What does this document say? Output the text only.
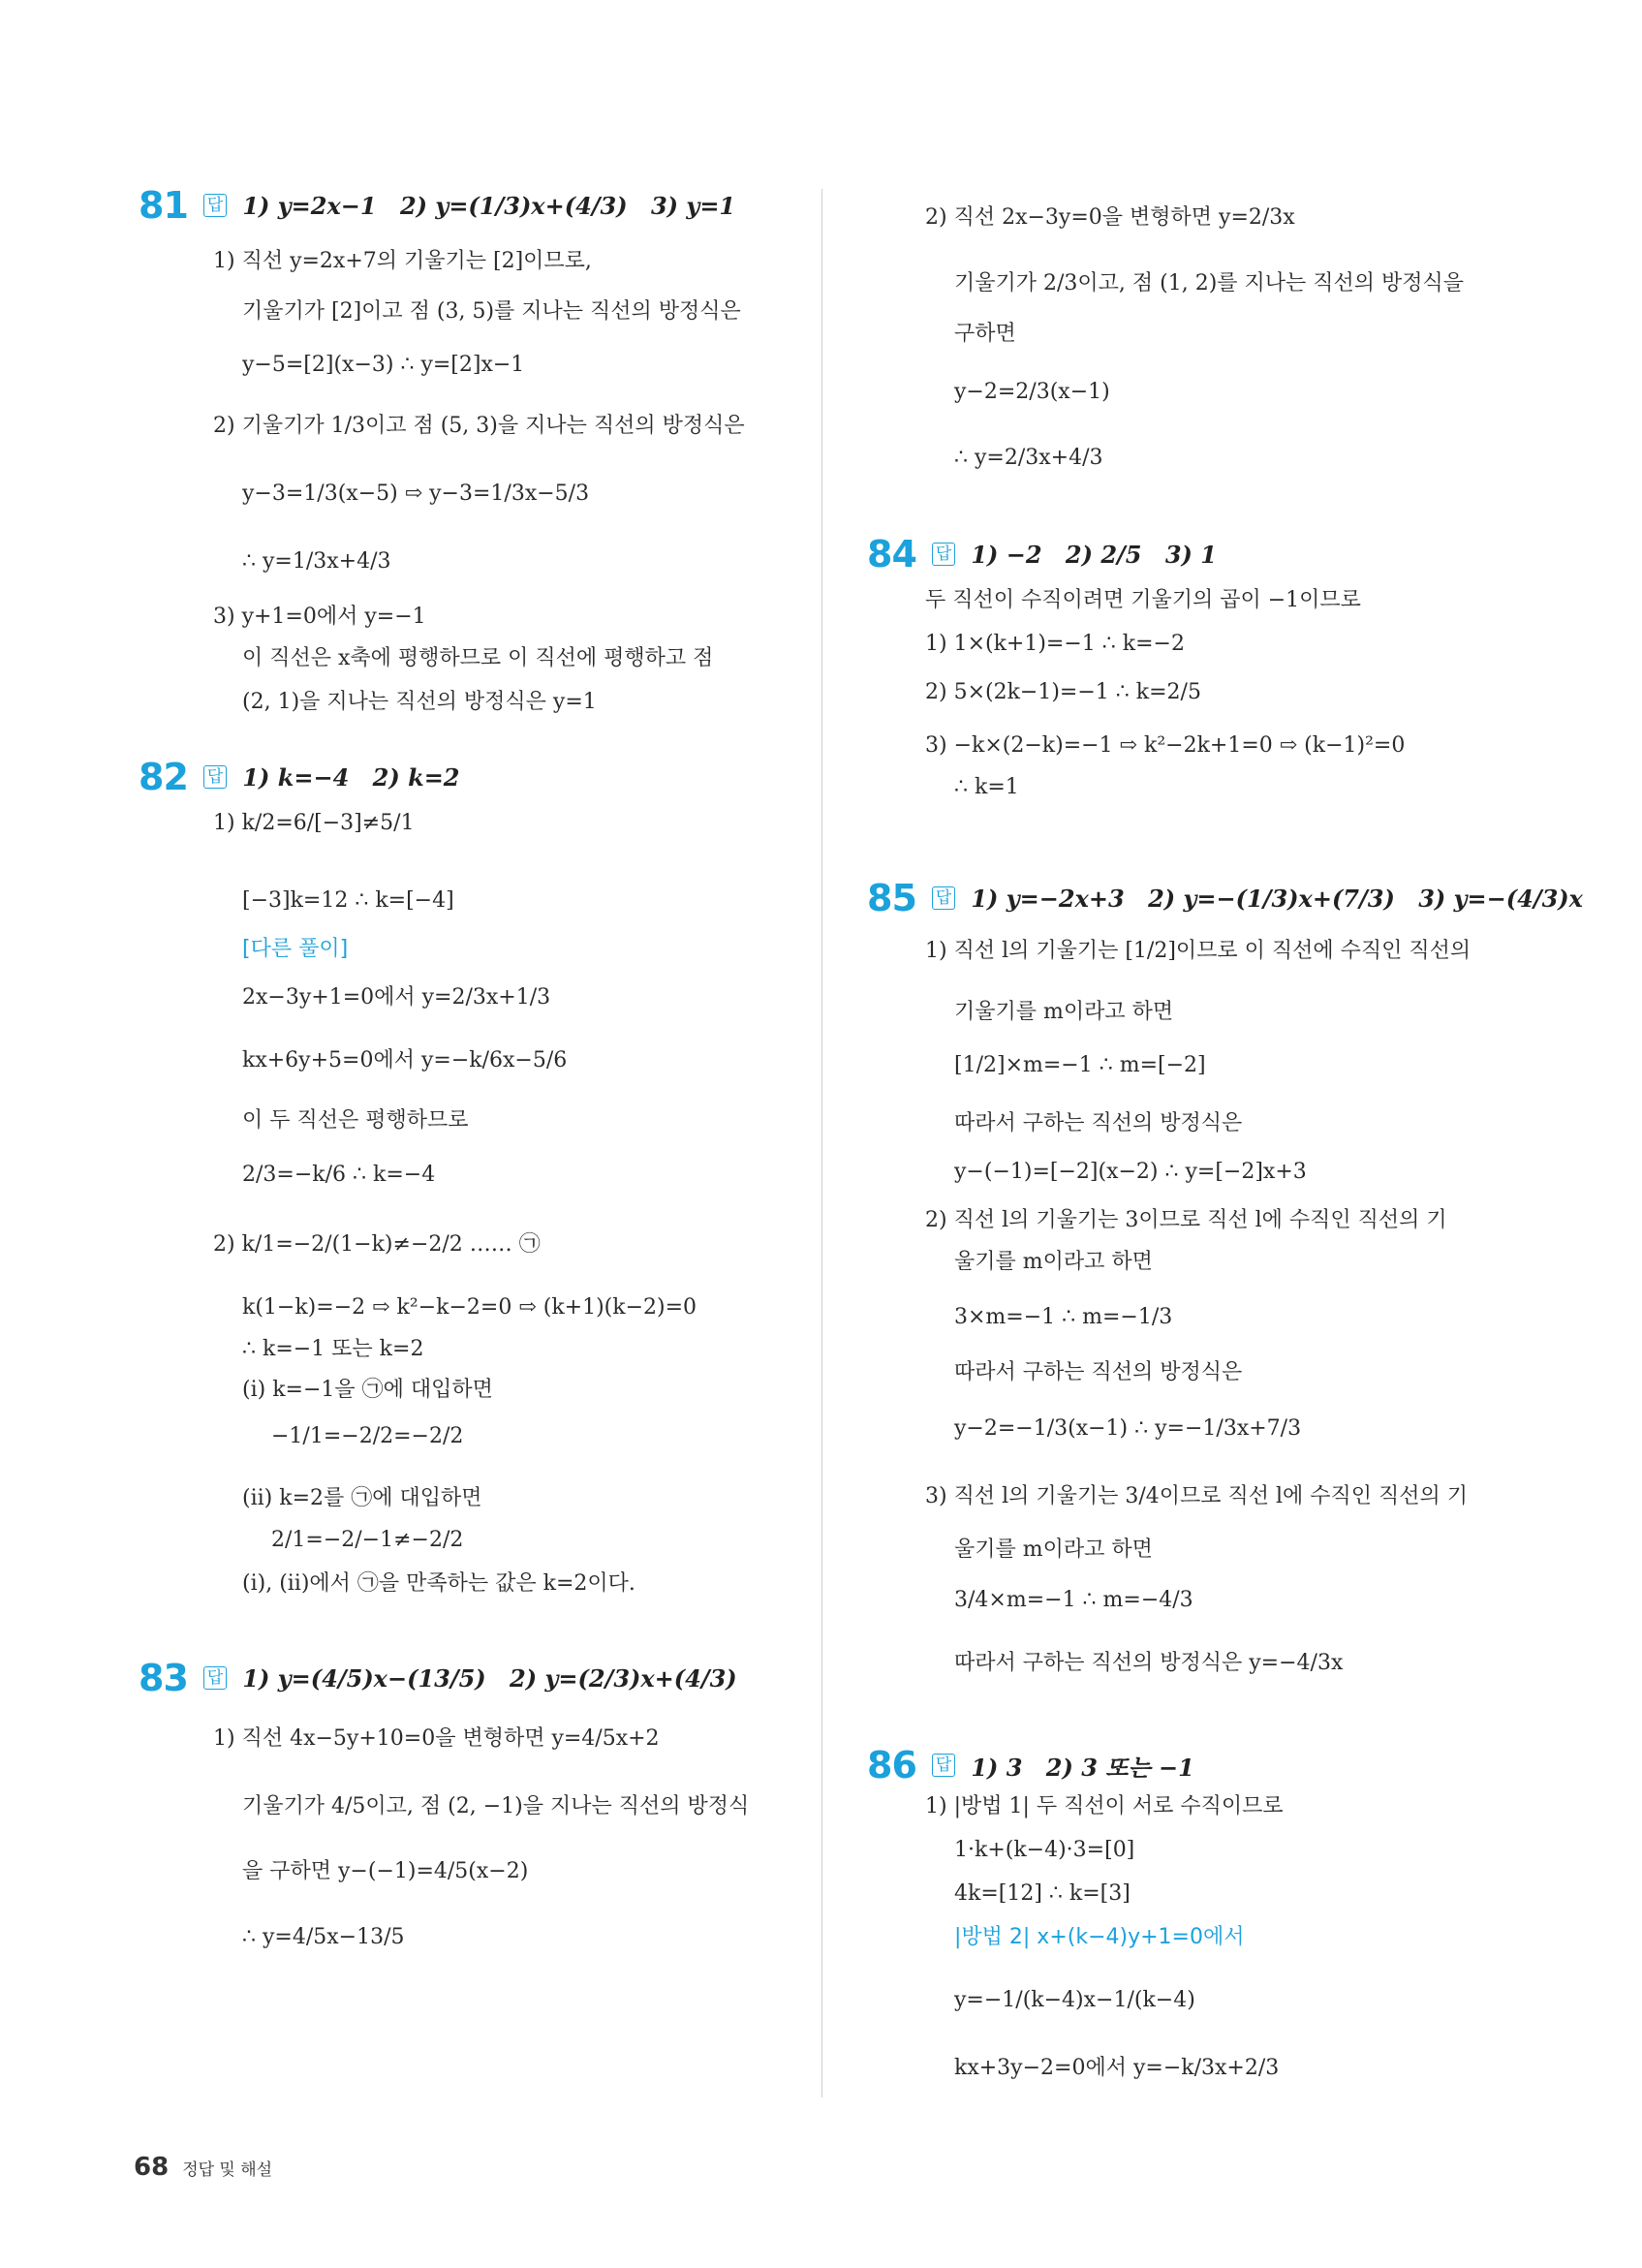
81 답 1) y=2x−1 2) y=(1/3)x+(4/3) 3) y=1
1) 직선 y=2x+7의 기울기는 [2]이므로,
기울기가 [2]이고 점 (3, 5)를 지나는 직선의 방정식은
y−5=[2](x−3) ∴ y=[2]x−1
2) 기울기가 1/3이고 점 (5, 3)을 지나는 직선의 방정식은
y−3=1/3(x−5) ⇨ y−3=1/3x−5/3
∴ y=1/3x+4/3
3) y+1=0에서 y=−1
이 직선은 x축에 평행하므로 이 직선에 평행하고 점
(2, 1)을 지나는 직선의 방정식은 y=1
82 답 1) k=−4 2) k=2
1) k/2=6/[−3]≠5/1
[−3]k=12 ∴ k=[−4]
[다른 풀이]
2x−3y+1=0에서 y=2/3x+1/3
kx+6y+5=0에서 y=−k/6x−5/6
이 두 직선은 평행하므로
2/3=−k/6 ∴ k=−4
2) k/1=−2/(1−k)≠−2/2 …… ㉠
k(1−k)=−2 ⇨ k²−k−2=0 ⇨ (k+1)(k−2)=0
∴ k=−1 또는 k=2
(ⅰ) k=−1을 ㉠에 대입하면
−1/1=−2/2=−2/2
(ⅱ) k=2를 ㉠에 대입하면
2/1=−2/−1≠−2/2
(ⅰ), (ⅱ)에서 ㉠을 만족하는 값은 k=2이다.
83 답 1) y=(4/5)x−(13/5) 2) y=(2/3)x+(4/3)
1) 직선 4x−5y+10=0을 변형하면 y=4/5x+2
기울기가 4/5이고, 점 (2, −1)을 지나는 직선의 방정식
을 구하면 y−(−1)=4/5(x−2)
∴ y=4/5x−13/5
2) 직선 2x−3y=0을 변형하면 y=2/3x
기울기가 2/3이고, 점 (1, 2)를 지나는 직선의 방정식을
구하면
y−2=2/3(x−1)
∴ y=2/3x+4/3
84 답 1) −2 2) 2/5 3) 1
두 직선이 수직이려면 기울기의 곱이 −1이므로
1) 1×(k+1)=−1 ∴ k=−2
2) 5×(2k−1)=−1 ∴ k=2/5
3) −k×(2−k)=−1 ⇨ k²−2k+1=0 ⇨ (k−1)²=0
∴ k=1
85 답 1) y=−2x+3 2) y=−(1/3)x+(7/3) 3) y=−(4/3)x
1) 직선 l의 기울기는 [1/2]이므로 이 직선에 수직인 직선의
기울기를 m이라고 하면
[1/2]×m=−1 ∴ m=[−2]
따라서 구하는 직선의 방정식은
y−(−1)=[−2](x−2) ∴ y=[−2]x+3
2) 직선 l의 기울기는 3이므로 직선 l에 수직인 직선의 기
울기를 m이라고 하면
3×m=−1 ∴ m=−1/3
따라서 구하는 직선의 방정식은
y−2=−1/3(x−1) ∴ y=−1/3x+7/3
3) 직선 l의 기울기는 3/4이므로 직선 l에 수직인 직선의 기
울기를 m이라고 하면
3/4×m=−1 ∴ m=−4/3
따라서 구하는 직선의 방정식은 y=−4/3x
86 답 1) 3 2) 3 또는 −1
1) |방법 1| 두 직선이 서로 수직이므로
1·k+(k−4)·3=[0]
4k=[12] ∴ k=[3]
|방법 2| x+(k−4)y+1=0에서
y=−1/(k−4)x−1/(k−4)
kx+3y−2=0에서 y=−k/3x+2/3
68 정답 및 해설
